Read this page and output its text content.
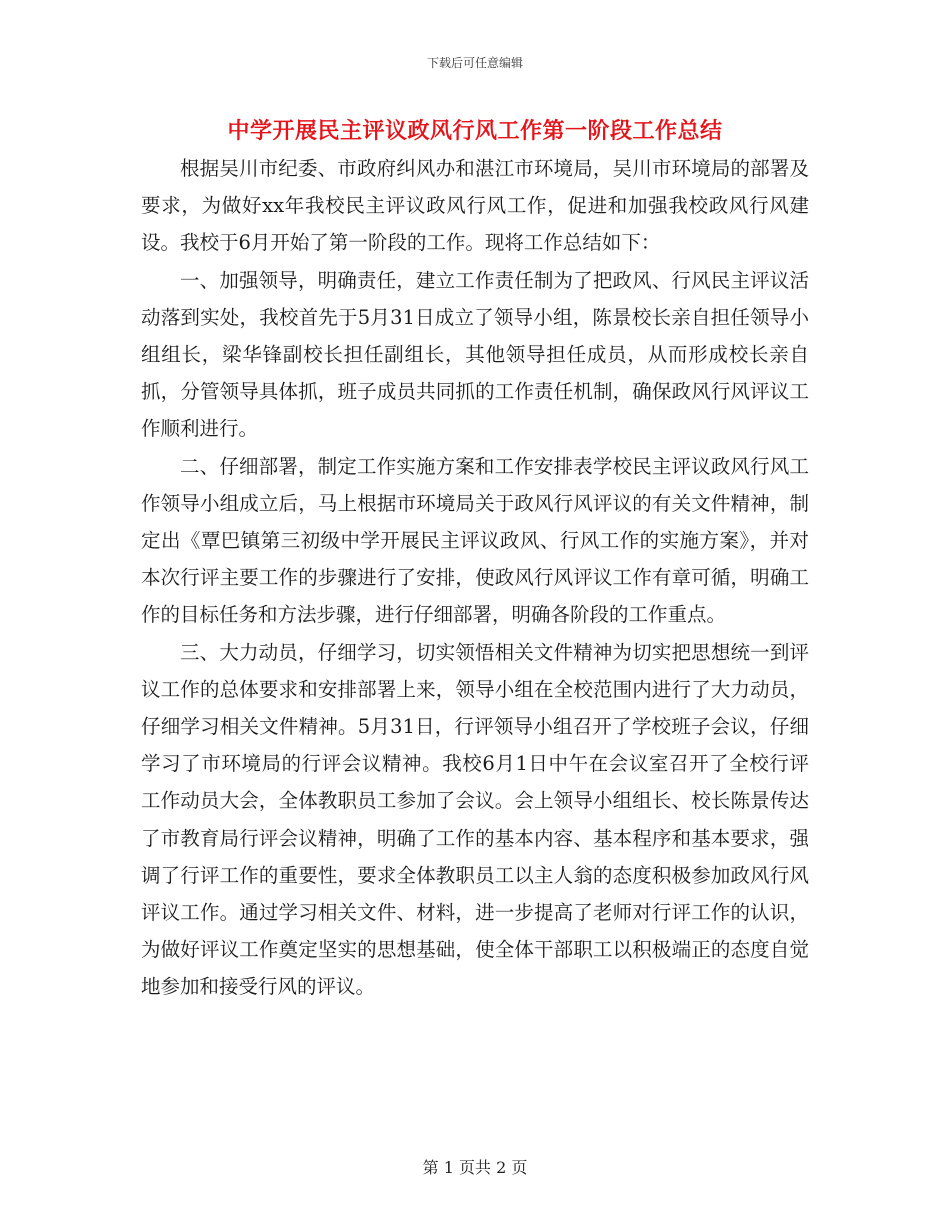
下载后可任意编辑
中学开展民主评议政风行风工作第一阶段工作总结

根据吴川市纪委、市政府纠风办和湛江市环境局，吴川市环境局的部署及要求，为做好xx年我校民主评议政风行风工作，促进和加强我校政风行风建设。我校于6月开始了第一阶段的工作。现将工作总结如下：

一、加强领导，明确责任，建立工作责任制为了把政风、行风民主评议活动落到实处，我校首先于5月31日成立了领导小组，陈景校长亲自担任领导小组组长，梁华锋副校长担任副组长，其他领导担任成员，从而形成校长亲自抓，分管领导具体抓，班子成员共同抓的工作责任机制，确保政风行风评议工作顺利进行。

二、仔细部署，制定工作实施方案和工作安排表学校民主评议政风行风工作领导小组成立后，马上根据市环境局关于政风行风评议的有关文件精神，制定出《覃巴镇第三初级中学开展民主评议政风、行风工作的实施方案》，并对本次行评主要工作的步骤进行了安排，使政风行风评议工作有章可循，明确工作的目标任务和方法步骤，进行仔细部署，明确各阶段的工作重点。

三、大力动员，仔细学习，切实领悟相关文件精神为切实把思想统一到评议工作的总体要求和安排部署上来，领导小组在全校范围内进行了大力动员，仔细学习相关文件精神。5月31日，行评领导小组召开了学校班子会议，仔细学习了市环境局的行评会议精神。我校6月1日中午在会议室召开了全校行评工作动员大会，全体教职员工参加了会议。会上领导小组组长、校长陈景传达了市教育局行评会议精神，明确了工作的基本内容、基本程序和基本要求，强调了行评工作的重要性，要求全体教职员工以主人翁的态度积极参加政风行风评议工作。通过学习相关文件、材料，进一步提高了老师对行评工作的认识，为做好评议工作奠定坚实的思想基础，使全体干部职工以积极端正的态度自觉地参加和接受行风的评议。

第 1 页共 2 页
